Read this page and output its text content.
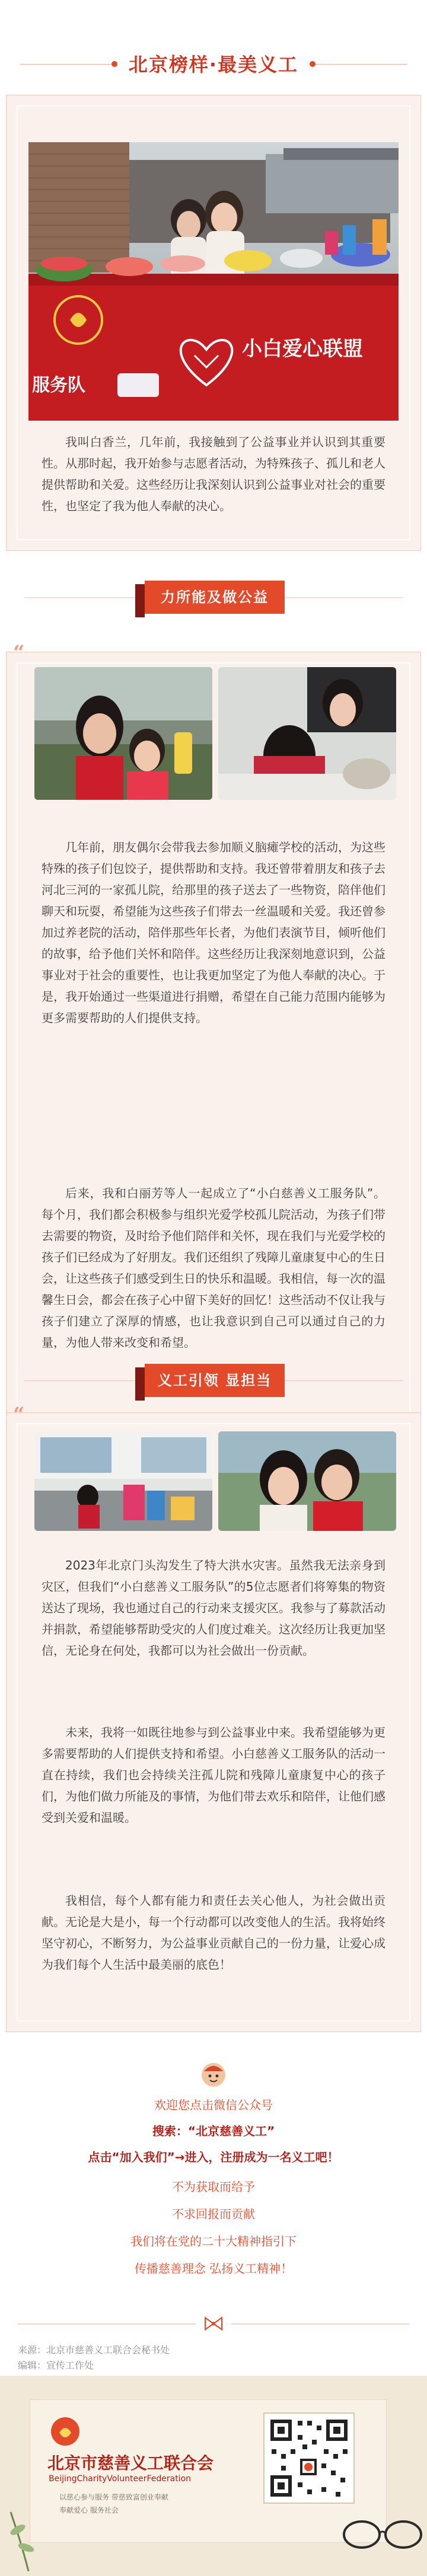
北京榜样·最美义工
小白爱心联盟
服务队

我叫白香兰，几年前，我接触到了公益事业并认识到其重要性。从那时起，我开始参与志愿者活动，为特殊孩子、孤儿和老人提供帮助和关爱。这些经历让我深刻认识到公益事业对社会的重要性，也坚定了我为他人奉献的决心。

力所能及做公益

几年前，朋友偶尔会带我去参加顺义脑瘫学校的活动，为这些特殊的孩子们包饺子，提供帮助和支持。我还曾带着朋友和孩子去河北三河的一家孤儿院，给那里的孩子送去了一些物资，陪伴他们聊天和玩耍，希望能为这些孩子们带去一丝温暖和关爱。我还曾参加过养老院的活动，陪伴那些年长者，为他们表演节目，倾听他们的故事，给予他们关怀和陪伴。这些经历让我深刻地意识到，公益事业对于社会的重要性，也让我更加坚定了为他人奉献的决心。于是，我开始通过一些渠道进行捐赠，希望在自己能力范围内能够为更多需要帮助的人们提供支持。

后来，我和白丽芳等人一起成立了“小白慈善义工服务队”。每个月，我们都会积极参与组织光爱学校孤儿院活动，为孩子们带去需要的物资，及时给予他们陪伴和关怀，现在我们与光爱学校的孩子们已经成为了好朋友。我们还组织了残障儿童康复中心的生日会，让这些孩子们感受到生日的快乐和温暖。我相信，每一次的温馨生日会，都会在孩子心中留下美好的回忆！这些活动不仅让我与孩子们建立了深厚的情感，也让我意识到自己可以通过自己的力量，为他人带来改变和希望。

义工引领 显担当

2023年北京门头沟发生了特大洪水灾害。虽然我无法亲身到灾区，但我们“小白慈善义工服务队”的5位志愿者们将筹集的物资送达了现场，我也通过自己的行动来支援灾区。我参与了募款活动并捐款，希望能够帮助受灾的人们度过难关。这次经历让我更加坚信，无论身在何处，我都可以为社会做出一份贡献。

未来，我将一如既往地参与到公益事业中来。我希望能够为更多需要帮助的人们提供支持和希望。小白慈善义工服务队的活动一直在持续，我们也会持续关注孤儿院和残障儿童康复中心的孩子们，为他们做力所能及的事情，为他们带去欢乐和陪伴，让他们感受到关爱和温暖。

我相信，每个人都有能力和责任去关心他人，为社会做出贡献。无论是大是小，每一个行动都可以改变他人的生活。我将始终坚守初心，不断努力，为公益事业贡献自己的一份力量，让爱心成为我们每个人生活中最美丽的底色！

欢迎您点击微信公众号
搜索：“北京慈善义工”
点击“加入我们”→进入，注册成为一名义工吧！
不为获取而给予
不求回报而贡献
我们将在党的二十大精神指引下
传播慈善理念 弘扬义工精神！
来源：北京市慈善义工联合会秘书处
编辑：宣传工作处
北京市慈善义工联合会
BeijingCharityVolunteerFederation
以慈心参与服务 带慈致富创业奉献
奉献爱心 服务社会
